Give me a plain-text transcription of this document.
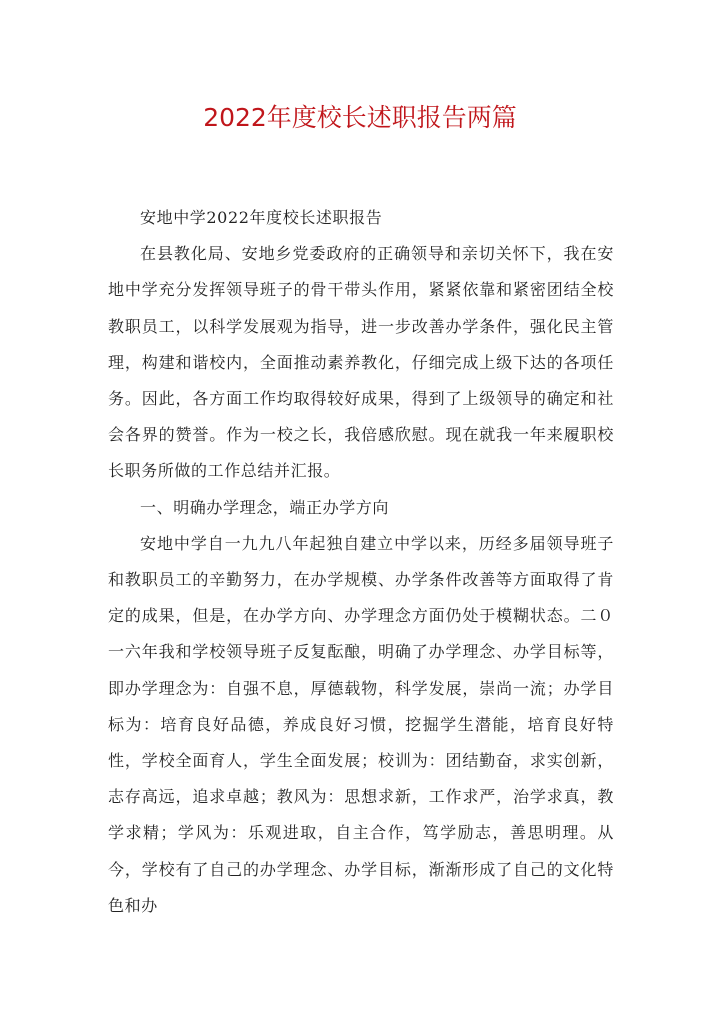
2022年度校长述职报告两篇

安地中学2022年度校长述职报告

在县教化局、安地乡党委政府的正确领导和亲切关怀下，我在安地中学充分发挥领导班子的骨干带头作用，紧紧依靠和紧密团结全校教职员工，以科学发展观为指导，进一步改善办学条件，强化民主管理，构建和谐校内，全面推动素养教化，仔细完成上级下达的各项任务。因此，各方面工作均取得较好成果，得到了上级领导的确定和社会各界的赞誉。作为一校之长，我倍感欣慰。现在就我一年来履职校长职务所做的工作总结并汇报。

一、明确办学理念，端正办学方向

安地中学自一九九八年起独自建立中学以来，历经多届领导班子和教职员工的辛勤努力，在办学规模、办学条件改善等方面取得了肯定的成果，但是，在办学方向、办学理念方面仍处于模糊状态。二０一六年我和学校领导班子反复酝酿，明确了办学理念、办学目标等，即办学理念为：自强不息，厚德载物，科学发展，崇尚一流；办学目标为：培育良好品德，养成良好习惯，挖掘学生潜能，培育良好特性，学校全面育人，学生全面发展；校训为：团结勤奋，求实创新，志存高远，追求卓越；教风为：思想求新，工作求严，治学求真，教学求精；学风为：乐观进取，自主合作，笃学励志，善思明理。从今，学校有了自己的办学理念、办学目标，渐渐形成了自己的文化特色和办
